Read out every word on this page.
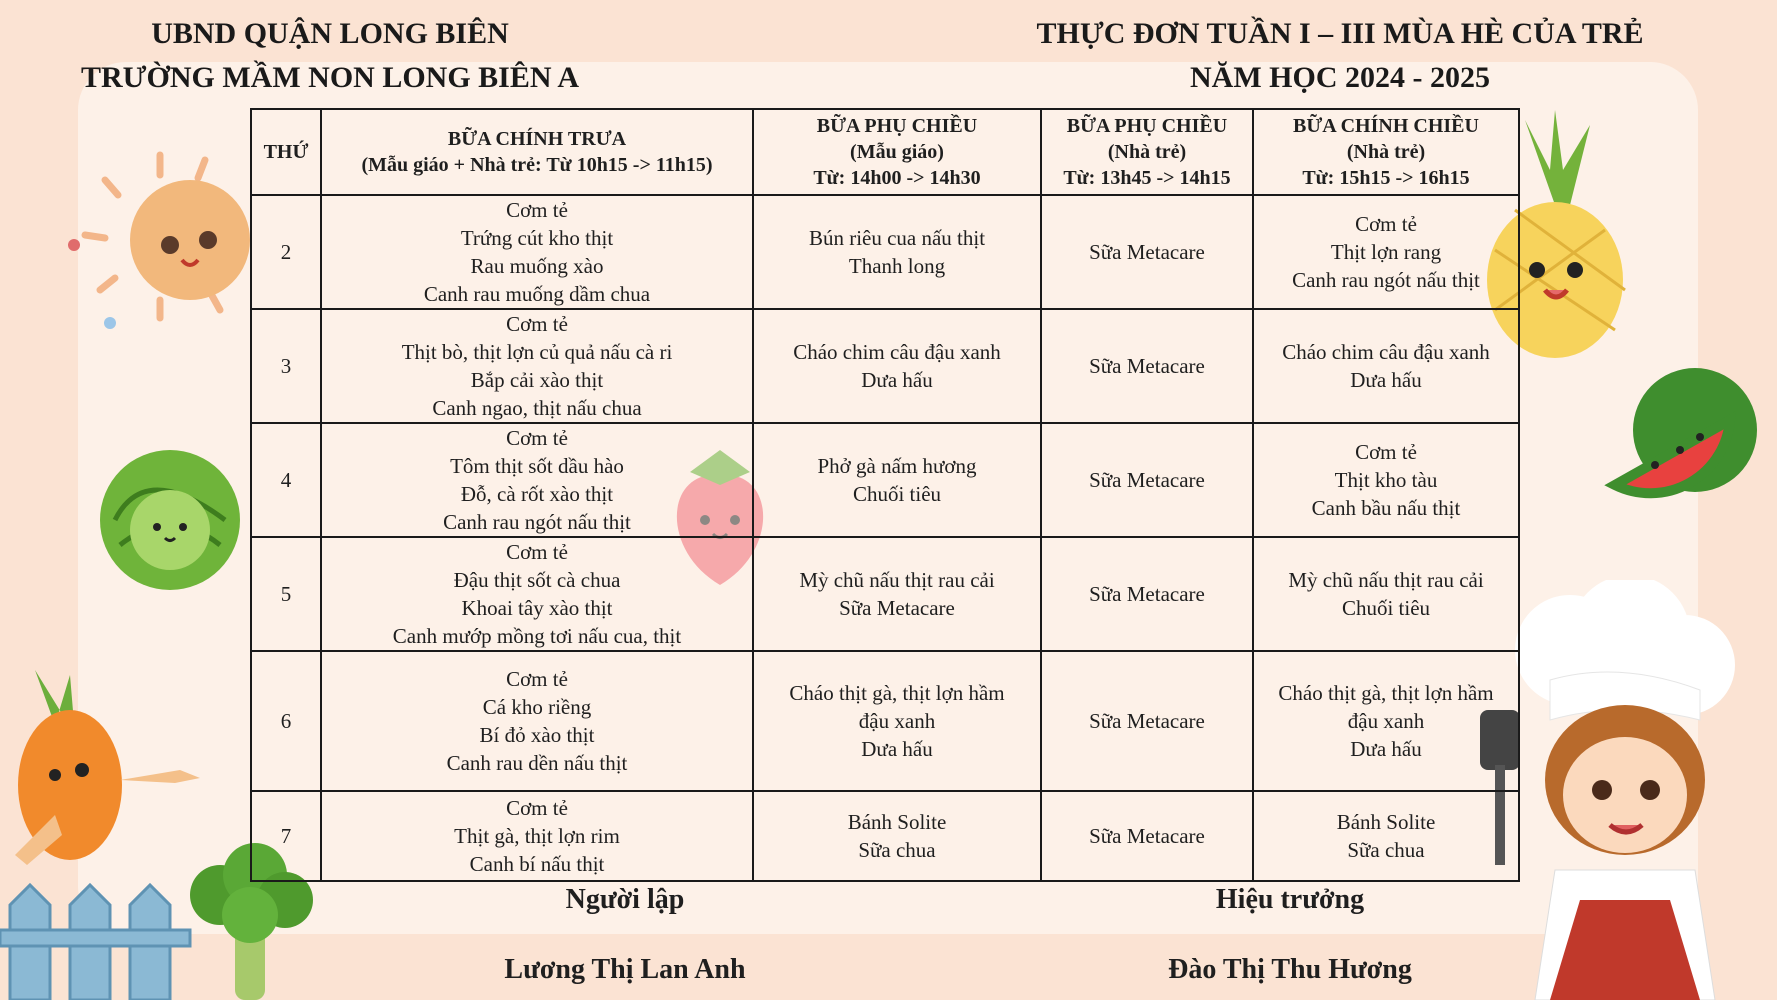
UBND QUẬN LONG BIÊN
TRƯỜNG MẦM NON LONG BIÊN A
THỰC ĐƠN TUẦN I – III MÙA HÈ CỦA TRẺ
NĂM HỌC 2024 - 2025
THỨ	BỮA CHÍNH TRƯA
(Mẫu giáo + Nhà trẻ: Từ 10h15 -> 11h15)	BỮA PHỤ CHIỀU
(Mẫu giáo)
Từ: 14h00 -> 14h30	BỮA PHỤ CHIỀU
(Nhà trẻ)
Từ: 13h45 -> 14h15	BỮA CHÍNH CHIỀU
(Nhà trẻ)
Từ: 15h15 -> 16h15

2	Cơm tẻ
Trứng cút kho thịt
Rau muống xào
Canh rau muống dầm chua	Bún riêu cua nấu thịt
Thanh long	Sữa Metacare	Cơm tẻ
Thịt lợn rang
Canh rau ngót nấu thịt

3	Cơm tẻ
Thịt bò, thịt lợn củ quả nấu cà ri
Bắp cải xào thịt
Canh ngao, thịt nấu chua	Cháo chim câu đậu xanh
Dưa hấu	Sữa Metacare	Cháo chim câu đậu xanh
Dưa hấu

4	Cơm tẻ
Tôm thịt sốt dầu hào
Đỗ, cà rốt xào thịt
Canh rau ngót nấu thịt	Phở gà nấm hương
Chuối tiêu	Sữa Metacare	Cơm tẻ
Thịt kho tàu
Canh bầu nấu thịt

5	Cơm tẻ
Đậu thịt sốt cà chua
Khoai tây xào thịt
Canh mướp mồng tơi nấu cua, thịt	Mỳ chũ nấu thịt rau cải
Sữa Metacare	Sữa Metacare	Mỳ chũ nấu thịt rau cải
Chuối tiêu

6	Cơm tẻ
Cá kho riềng
Bí đỏ xào thịt
Canh rau dền nấu thịt	Cháo thịt gà, thịt lợn hầm
đậu xanh
Dưa hấu	Sữa Metacare	Cháo thịt gà, thịt lợn hầm
đậu xanh
Dưa hấu

7	Cơm tẻ
Thịt gà, thịt lợn rim
Canh bí nấu thịt	Bánh Solite
Sữa chua	Sữa Metacare	Bánh Solite
Sữa chua
Người lập
Lương Thị Lan Anh
Hiệu trưởng
Đào Thị Thu Hương
